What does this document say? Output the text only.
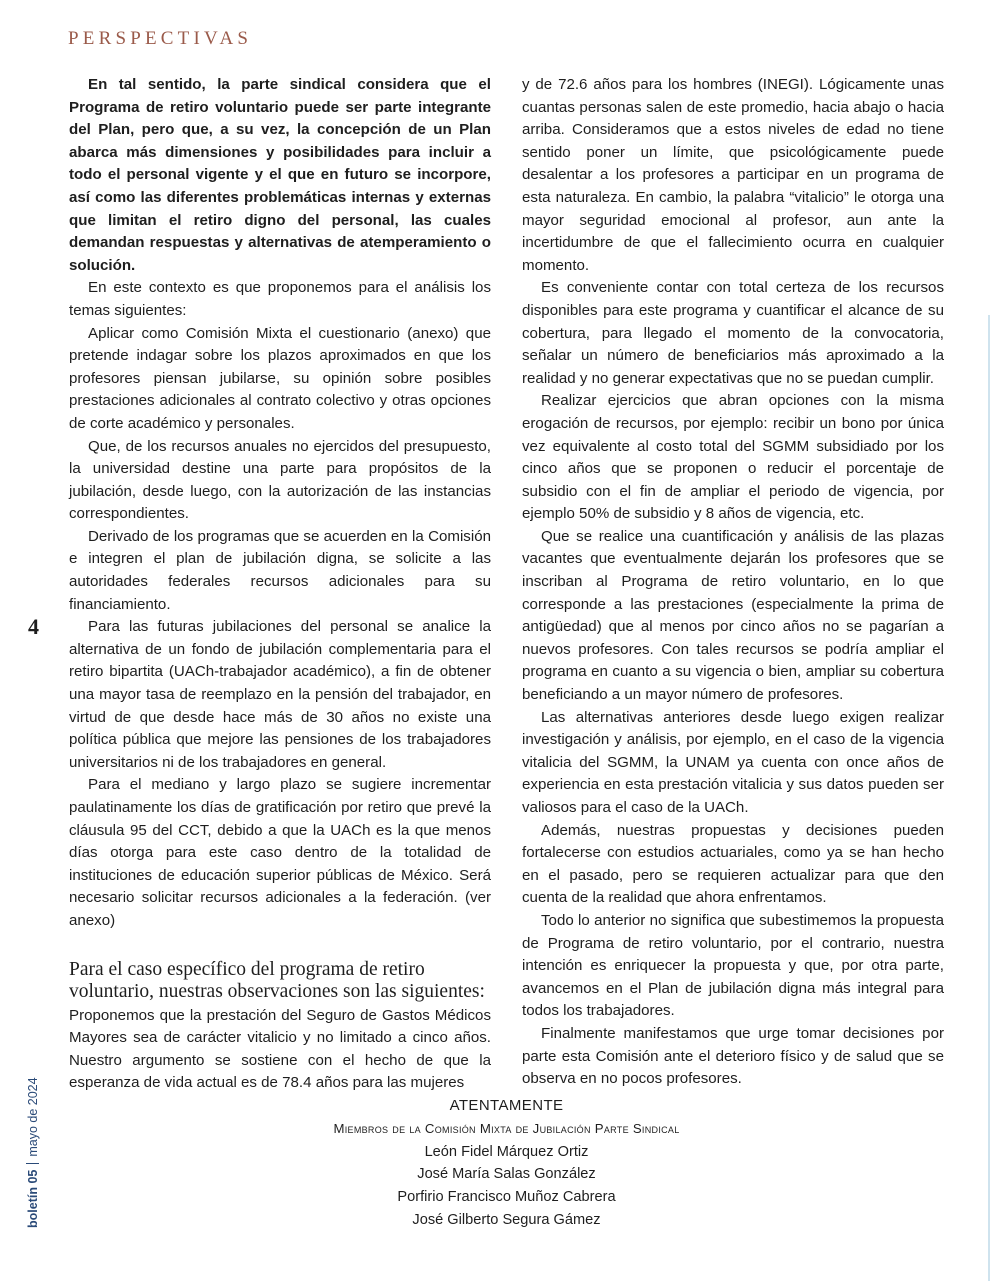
PERSPECTIVAS
4
boletín 05mayo de 2024

En tal sentido, la parte sindical considera que el Programa de retiro voluntario puede ser parte integrante del Plan, pero que, a su vez, la concepción de un Plan abarca más dimensiones y posibilidades para incluir a todo el personal vigente y el que en futuro se incorpore, así como las diferentes problemáticas internas y externas que limitan el retiro digno del personal, las cuales demandan respuestas y alternativas de atemperamiento o solución.

En este contexto es que proponemos para el análisis los temas siguientes:

Aplicar como Comisión Mixta el cuestionario (anexo) que pretende indagar sobre los plazos aproximados en que los profesores piensan jubilarse, su opinión sobre posibles prestaciones adicionales al contrato colectivo y otras opciones de corte académico y personales.

Que, de los recursos anuales no ejercidos del presupuesto, la universidad destine una parte para propósitos de la jubilación, desde luego, con la autorización de las instancias correspondientes.

Derivado de los programas que se acuerden en la Comisión e integren el plan de jubilación digna, se solicite a las autoridades federales recursos adicionales para su financiamiento.

Para las futuras jubilaciones del personal se analice la alternativa de un fondo de jubilación complementaria para el retiro bipartita (UACh-trabajador académico), a fin de obtener una mayor tasa de reemplazo en la pensión del trabajador, en virtud de que desde hace más de 30 años no existe una política pública que mejore las pensiones de los trabajadores universitarios ni de los trabajadores en general.

Para el mediano y largo plazo se sugiere incrementar paulatinamente los días de gratificación por retiro que prevé la cláusula 95 del CCT, debido a que la UACh es la que menos días otorga para este caso dentro de la totalidad de instituciones de educación superior públicas de México. Será necesario solicitar recursos adicionales a la federación. (ver anexo)

Para el caso específico del programa de retiro voluntario, nuestras observaciones son las siguientes:

Proponemos que la prestación del Seguro de Gastos Médicos Mayores sea de carácter vitalicio y no limitado a cinco años. Nuestro argumento se sostiene con el hecho de que la esperanza de vida actual es de 78.4 años para las mujeres

y de 72.6 años para los hombres (INEGI). Lógicamente unas cuantas personas salen de este promedio, hacia abajo o hacia arriba. Consideramos que a estos niveles de edad no tiene sentido poner un límite, que psicológicamente puede desalentar a los profesores a participar en un programa de esta naturaleza. En cambio, la palabra “vitalicio” le otorga una mayor seguridad emocional al profesor, aun ante la incertidumbre de que el fallecimiento ocurra en cualquier momento.

Es conveniente contar con total certeza de los recursos disponibles para este programa y cuantificar el alcance de su cobertura, para llegado el momento de la convocatoria, señalar un número de beneficiarios más aproximado a la realidad y no generar expectativas que no se puedan cumplir.

Realizar ejercicios que abran opciones con la misma erogación de recursos, por ejemplo: recibir un bono por única vez equivalente al costo total del SGMM subsidiado por los cinco años que se proponen o reducir el porcentaje de subsidio con el fin de ampliar el periodo de vigencia, por ejemplo 50% de subsidio y 8 años de vigencia, etc.

Que se realice una cuantificación y análisis de las plazas vacantes que eventualmente dejarán los profesores que se inscriban al Programa de retiro voluntario, en lo que corresponde a las prestaciones (especialmente la prima de antigüedad) que al menos por cinco años no se pagarían a nuevos profesores. Con tales recursos se podría ampliar el programa en cuanto a su vigencia o bien, ampliar su cobertura beneficiando a un mayor número de profesores.

Las alternativas anteriores desde luego exigen realizar investigación y análisis, por ejemplo, en el caso de la vigencia vitalicia del SGMM, la UNAM ya cuenta con once años de experiencia en esta prestación vitalicia y sus datos pueden ser valiosos para el caso de la UACh.

Además, nuestras propuestas y decisiones pueden fortalecerse con estudios actuariales, como ya se han hecho en el pasado, pero se requieren actualizar para que den cuenta de la realidad que ahora enfrentamos.

Todo lo anterior no significa que subestimemos la propuesta de Programa de retiro voluntario, por el contrario, nuestra intención es enriquecer la propuesta y que, por otra parte, avancemos en el Plan de jubilación digna más integral para todos los trabajadores.

Finalmente manifestamos que urge tomar decisiones por parte esta Comisión ante el deterioro físico y de salud que se observa en no pocos profesores.

ATENTAMENTE
Miembros de la Comisión Mixta de Jubilación Parte Sindical
León Fidel Márquez Ortiz
José María Salas González
Porfirio Francisco Muñoz Cabrera
José Gilberto Segura Gámez
